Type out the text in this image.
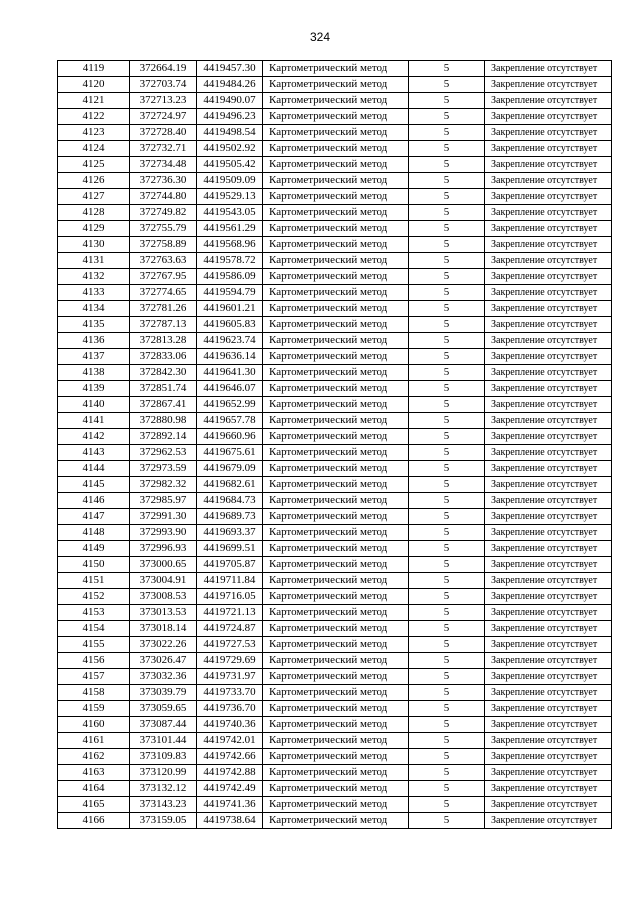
324
4119	372664.19	4419457.30	Картометрический метод	5	Закрепление отсутствует
4120	372703.74	4419484.26	Картометрический метод	5	Закрепление отсутствует
4121	372713.23	4419490.07	Картометрический метод	5	Закрепление отсутствует
4122	372724.97	4419496.23	Картометрический метод	5	Закрепление отсутствует
4123	372728.40	4419498.54	Картометрический метод	5	Закрепление отсутствует
4124	372732.71	4419502.92	Картометрический метод	5	Закрепление отсутствует
4125	372734.48	4419505.42	Картометрический метод	5	Закрепление отсутствует
4126	372736.30	4419509.09	Картометрический метод	5	Закрепление отсутствует
4127	372744.80	4419529.13	Картометрический метод	5	Закрепление отсутствует
4128	372749.82	4419543.05	Картометрический метод	5	Закрепление отсутствует
4129	372755.79	4419561.29	Картометрический метод	5	Закрепление отсутствует
4130	372758.89	4419568.96	Картометрический метод	5	Закрепление отсутствует
4131	372763.63	4419578.72	Картометрический метод	5	Закрепление отсутствует
4132	372767.95	4419586.09	Картометрический метод	5	Закрепление отсутствует
4133	372774.65	4419594.79	Картометрический метод	5	Закрепление отсутствует
4134	372781.26	4419601.21	Картометрический метод	5	Закрепление отсутствует
4135	372787.13	4419605.83	Картометрический метод	5	Закрепление отсутствует
4136	372813.28	4419623.74	Картометрический метод	5	Закрепление отсутствует
4137	372833.06	4419636.14	Картометрический метод	5	Закрепление отсутствует
4138	372842.30	4419641.30	Картометрический метод	5	Закрепление отсутствует
4139	372851.74	4419646.07	Картометрический метод	5	Закрепление отсутствует
4140	372867.41	4419652.99	Картометрический метод	5	Закрепление отсутствует
4141	372880.98	4419657.78	Картометрический метод	5	Закрепление отсутствует
4142	372892.14	4419660.96	Картометрический метод	5	Закрепление отсутствует
4143	372962.53	4419675.61	Картометрический метод	5	Закрепление отсутствует
4144	372973.59	4419679.09	Картометрический метод	5	Закрепление отсутствует
4145	372982.32	4419682.61	Картометрический метод	5	Закрепление отсутствует
4146	372985.97	4419684.73	Картометрический метод	5	Закрепление отсутствует
4147	372991.30	4419689.73	Картометрический метод	5	Закрепление отсутствует
4148	372993.90	4419693.37	Картометрический метод	5	Закрепление отсутствует
4149	372996.93	4419699.51	Картометрический метод	5	Закрепление отсутствует
4150	373000.65	4419705.87	Картометрический метод	5	Закрепление отсутствует
4151	373004.91	4419711.84	Картометрический метод	5	Закрепление отсутствует
4152	373008.53	4419716.05	Картометрический метод	5	Закрепление отсутствует
4153	373013.53	4419721.13	Картометрический метод	5	Закрепление отсутствует
4154	373018.14	4419724.87	Картометрический метод	5	Закрепление отсутствует
4155	373022.26	4419727.53	Картометрический метод	5	Закрепление отсутствует
4156	373026.47	4419729.69	Картометрический метод	5	Закрепление отсутствует
4157	373032.36	4419731.97	Картометрический метод	5	Закрепление отсутствует
4158	373039.79	4419733.70	Картометрический метод	5	Закрепление отсутствует
4159	373059.65	4419736.70	Картометрический метод	5	Закрепление отсутствует
4160	373087.44	4419740.36	Картометрический метод	5	Закрепление отсутствует
4161	373101.44	4419742.01	Картометрический метод	5	Закрепление отсутствует
4162	373109.83	4419742.66	Картометрический метод	5	Закрепление отсутствует
4163	373120.99	4419742.88	Картометрический метод	5	Закрепление отсутствует
4164	373132.12	4419742.49	Картометрический метод	5	Закрепление отсутствует
4165	373143.23	4419741.36	Картометрический метод	5	Закрепление отсутствует
4166	373159.05	4419738.64	Картометрический метод	5	Закрепление отсутствует
